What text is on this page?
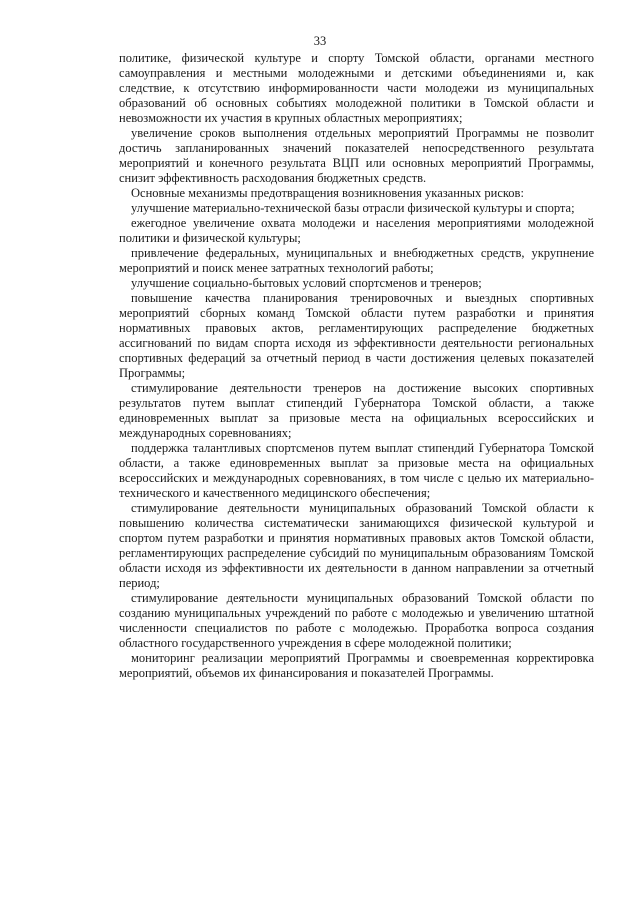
33

политике, физической культуре и спорту Томской области, органами местного самоуправления и местными молодежными и детскими объединениями и, как следствие, к отсутствию информированности части молодежи из муниципальных образований об основных событиях молодежной политики в Томской области и невозможности их участия в крупных областных мероприятиях;

увеличение сроков выполнения отдельных мероприятий Программы не позволит достичь запланированных значений показателей непосредственного результата мероприятий и конечного результата ВЦП или основных мероприятий Программы, снизит эффективность расходования бюджетных средств.

Основные механизмы предотвращения возникновения указанных рисков:

улучшение материально-технической базы отрасли физической культуры и спорта;

ежегодное увеличение охвата молодежи и населения мероприятиями молодежной политики и физической культуры;

привлечение федеральных, муниципальных и внебюджетных средств, укрупнение мероприятий и поиск менее затратных технологий работы;

улучшение социально-бытовых условий спортсменов и тренеров;

повышение качества планирования тренировочных и выездных спортивных мероприятий сборных команд Томской области путем разработки и принятия нормативных правовых актов, регламентирующих распределение бюджетных ассигнований по видам спорта исходя из эффективности деятельности региональных спортивных федераций за отчетный период в части достижения целевых показателей Программы;

стимулирование деятельности тренеров на достижение высоких спортивных результатов путем выплат стипендий Губернатора Томской области, а также единовременных выплат за призовые места на официальных всероссийских и международных соревнованиях;

поддержка талантливых спортсменов путем выплат стипендий Губернатора Томской области, а также единовременных выплат за призовые места на официальных всероссийских и международных соревнованиях, в том числе с целью их материально-технического и качественного медицинского обеспечения;

стимулирование деятельности муниципальных образований Томской области к повышению количества систематически занимающихся физической культурой и спортом путем разработки и принятия нормативных правовых актов Томской области, регламентирующих распределение субсидий по муниципальным образованиям Томской области исходя из эффективности их деятельности в данном направлении за отчетный период;

стимулирование деятельности муниципальных образований Томской области по созданию муниципальных учреждений по работе с молодежью и увеличению штатной численности специалистов по работе с молодежью. Проработка вопроса создания областного государственного учреждения в сфере молодежной политики;

мониторинг реализации мероприятий Программы и своевременная корректировка мероприятий, объемов их финансирования и показателей Программы.
